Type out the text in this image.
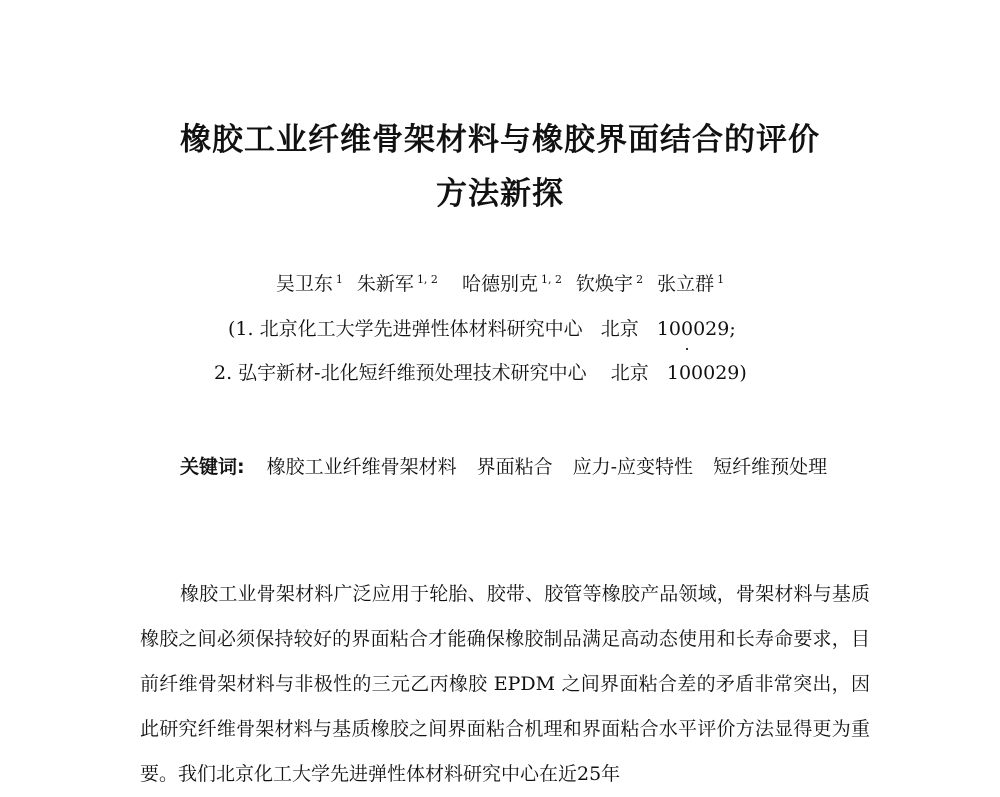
橡胶工业纤维骨架材料与橡胶界面结合的评价
方法新探
吴卫东 $^1$ 朱新军 $^{1, 2}$ 哈德别克 $^{1, 2}$ 钦焕宇 $^2$ 张立群 $^1$
(1. 北京化工大学先进弹性体材料研究中心   北京   100029;
2. 弘宇新材-北化短纤维预处理技术研究中心    北京   100029)

关键词: 橡胶工业纤维骨架材料 界面粘合 应力-应变特性 短纤维预处理

橡胶工业骨架材料广泛应用于轮胎、胶带、胶管等橡胶产品领域，骨架材料与基质橡胶之间必须保持较好的界面粘合才能确保橡胶制品满足高动态使用和长寿命要求，目前纤维骨架材料与非极性的三元乙丙橡胶 EPDM 之间界面粘合差的矛盾非常突出，因此研究纤维骨架材料与基质橡胶之间界面粘合机理和界面粘合水平评价方法显得更为重要。我们北京化工大学先进弹性体材料研究中心在近25年
